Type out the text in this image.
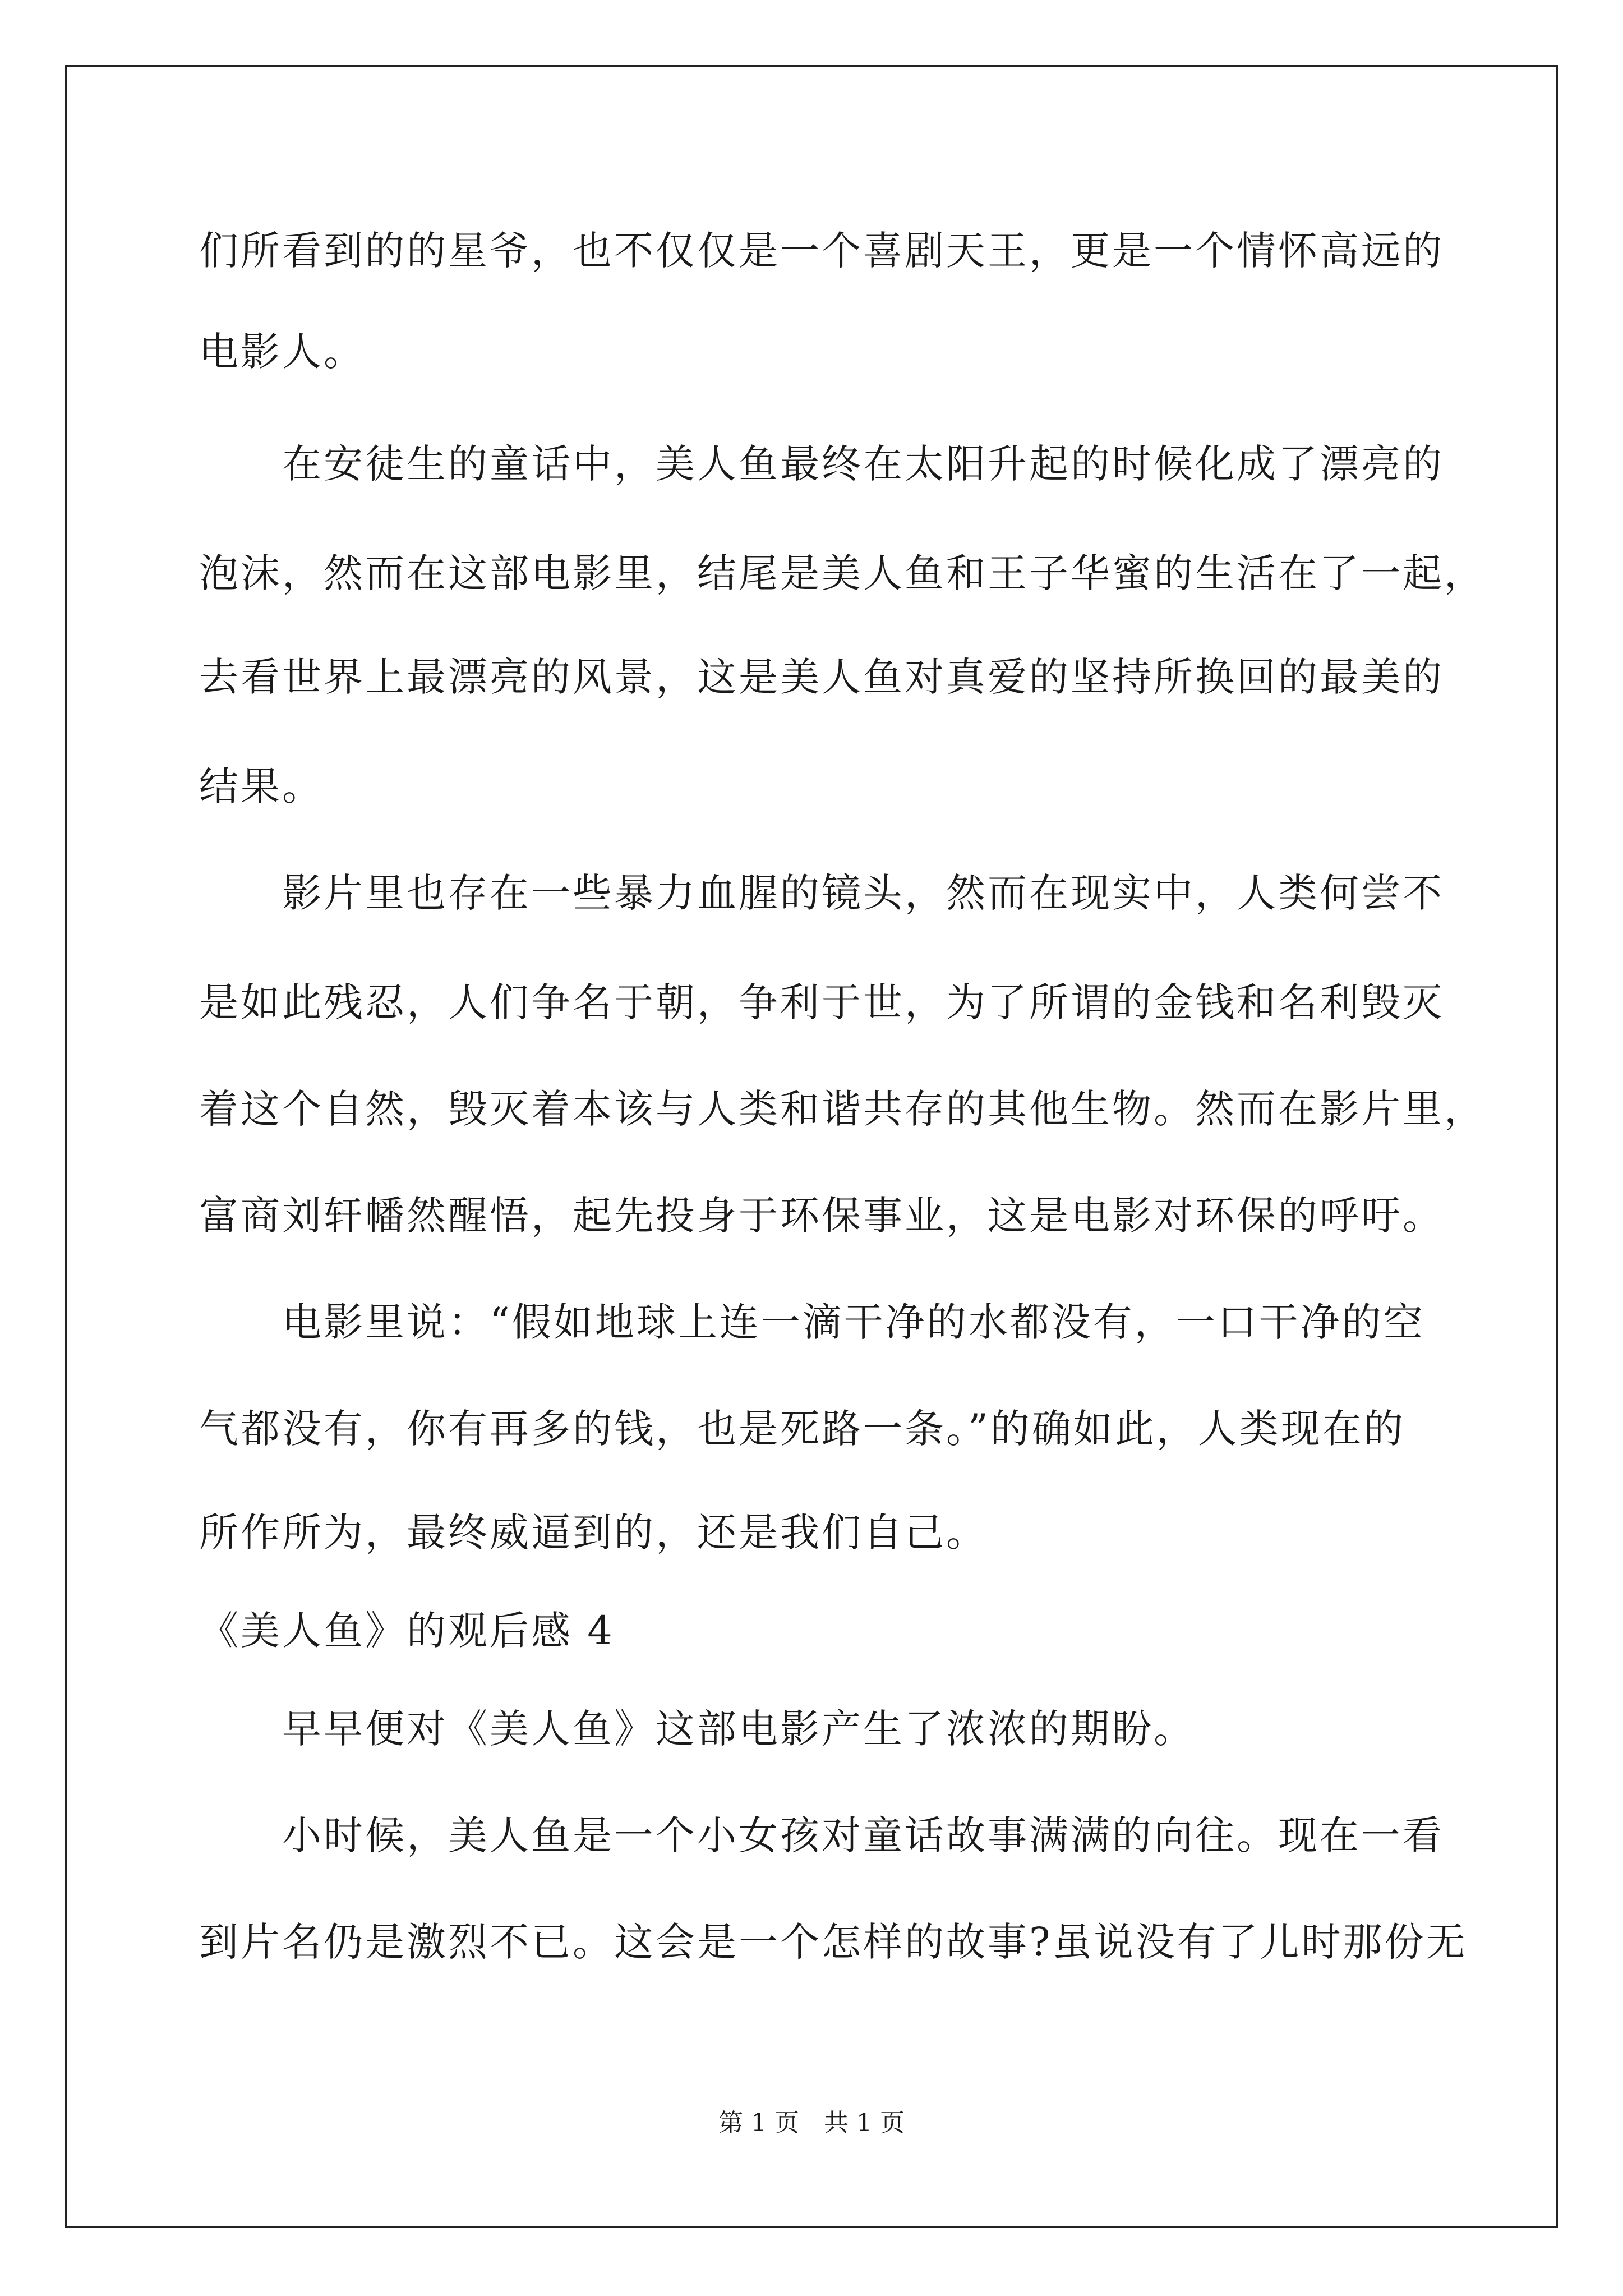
们所看到的的星爷，也不仅仅是一个喜剧天王，更是一个情怀高远的
电影人。
　　在安徒生的童话中，美人鱼最终在太阳升起的时候化成了漂亮的
泡沫，然而在这部电影里，结尾是美人鱼和王子华蜜的生活在了一起，
去看世界上最漂亮的风景，这是美人鱼对真爱的坚持所换回的最美的
结果。
　　影片里也存在一些暴力血腥的镜头，然而在现实中，人类何尝不
是如此残忍，人们争名于朝，争利于世，为了所谓的金钱和名利毁灭
着这个自然，毁灭着本该与人类和谐共存的其他生物。然而在影片里，
富商刘轩幡然醒悟，起先投身于环保事业，这是电影对环保的呼吁。
　　电影里说：“假如地球上连一滴干净的水都没有，一口干净的空
气都没有，你有再多的钱，也是死路一条。”的确如此，人类现在的
所作所为，最终威逼到的，还是我们自己。
《美人鱼》的观后感 4
　　早早便对《美人鱼》这部电影产生了浓浓的期盼。
　　小时候，美人鱼是一个小女孩对童话故事满满的向往。现在一看
到片名仍是激烈不已。这会是一个怎样的故事?虽说没有了儿时那份无
第 1 页　共 1 页
